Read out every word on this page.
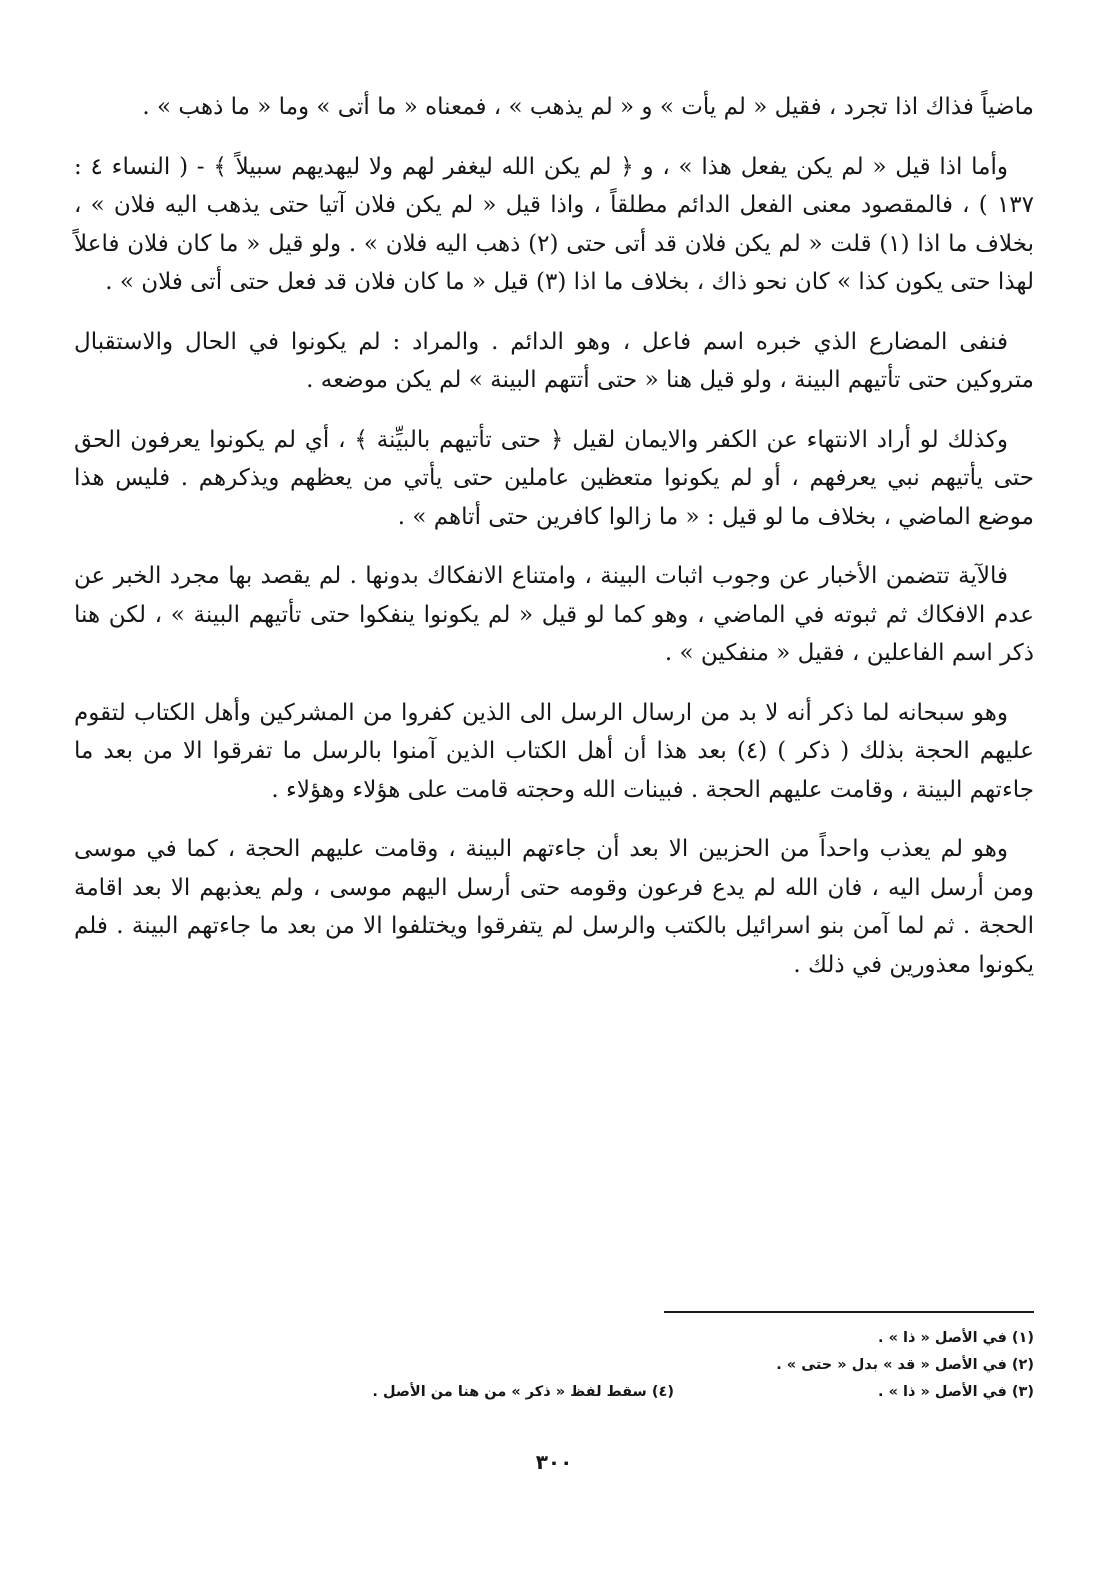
ماضياً فذاك اذا تجرد ، فقيل « لم يأت » و « لم يذهب » ، فمعناه « ما أتى » وما « ما ذهب » .

وأما اذا قيل « لم يكن يفعل هذا » ، و ﴿ لم يكن الله ليغفر لهم ولا ليهديهم سبيلاً ﴾ - ( النساء ٤ : ١٣٧ ) ، فالمقصود معنى الفعل الدائم مطلقاً ، واذا قيل « لم يكن فلان آتيا حتى يذهب اليه فلان » ، بخلاف ما اذا (١) قلت « لم يكن فلان قد أتى حتى (٢) ذهب اليه فلان » . ولو قيل « ما كان فلان فاعلاً لهذا حتى يكون كذا » كان نحو ذاك ، بخلاف ما اذا (٣) قيل « ما كان فلان قد فعل حتى أتى فلان » .

فنفى المضارع الذي خبره اسم فاعل ، وهو الدائم . والمراد : لم يكونوا في الحال والاستقبال متروكين حتى تأتيهم البينة ، ولو قيل هنا « حتى أتتهم البينة » لم يكن موضعه .

وكذلك لو أراد الانتهاء عن الكفر والايمان لقيل ﴿ حتى تأتيهم بالبيِّنة ﴾ ، أي لم يكونوا يعرفون الحق حتى يأتيهم نبي يعرفهم ، أو لم يكونوا متعظين عاملين حتى يأتي من يعظهم ويذكرهم . فليس هذا موضع الماضي ، بخلاف ما لو قيل : « ما زالوا كافرين حتى أتاهم » .

فالآية تتضمن الأخبار عن وجوب اثبات البينة ، وامتناع الانفكاك بدونها . لم يقصد بها مجرد الخبر عن عدم الافكاك ثم ثبوته في الماضي ، وهو كما لو قيل « لم يكونوا ينفكوا حتى تأتيهم البينة » ، لكن هنا ذكر اسم الفاعلين ، فقيل « منفكين » .

وهو سبحانه لما ذكر أنه لا بد من ارسال الرسل الى الذين كفروا من المشركين وأهل الكتاب لتقوم عليهم الحجة بذلك ( ذكر ) (٤) بعد هذا أن أهل الكتاب الذين آمنوا بالرسل ما تفرقوا الا من بعد ما جاءتهم البينة ، وقامت عليهم الحجة . فبينات الله وحجته قامت على هؤلاء وهؤلاء .

وهو لم يعذب واحداً من الحزبين الا بعد أن جاءتهم البينة ، وقامت عليهم الحجة ، كما في موسى ومن أرسل اليه ، فان الله لم يدع فرعون وقومه حتى أرسل اليهم موسى ، ولم يعذبهم الا بعد اقامة الحجة . ثم لما آمن بنو اسرائيل بالكتب والرسل لم يتفرقوا ويختلفوا الا من بعد ما جاءتهم البينة . فلم يكونوا معذورين في ذلك .

(١) في الأصل « ذا » .
(٢) في الأصل « قد » بدل « حتى » .
(٣) في الأصل « ذا » .
(٤) سقط لفظ « ذكر » من هنا من الأصل .
٣٠٠
